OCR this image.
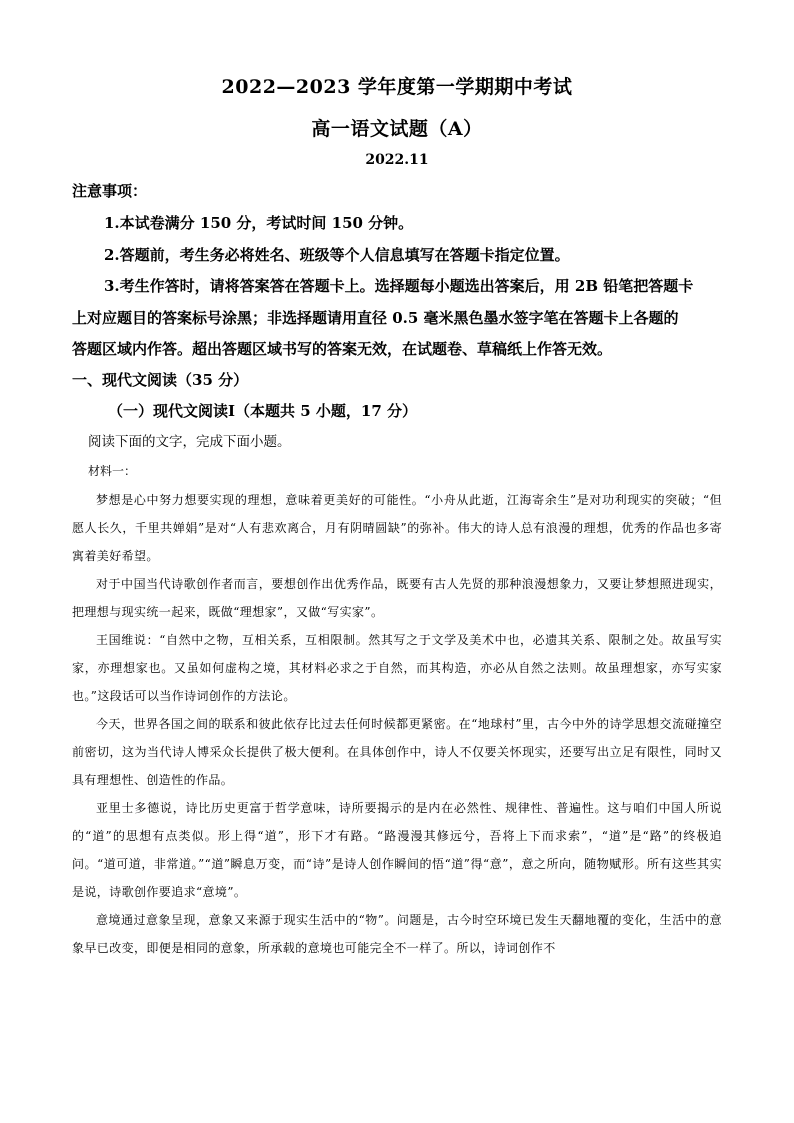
2022—2023 学年度第一学期期中考试
高一语文试题（A）
2022.11
注意事项：
1.本试卷满分 150 分，考试时间 150 分钟。
2.答题前，考生务必将姓名、班级等个人信息填写在答题卡指定位置。
3.考生作答时，请将答案答在答题卡上。选择题每小题选出答案后，用 2B 铅笔把答题卡
上对应题目的答案标号涂黑；非选择题请用直径 0.5 毫米黑色墨水签字笔在答题卡上各题的
答题区域内作答。超出答题区域书写的答案无效，在试题卷、草稿纸上作答无效。
一、现代文阅读（35 分）
（一）现代文阅读Ⅰ（本题共 5 小题，17 分）
阅读下面的文字，完成下面小题。
材料一：

梦想是心中努力想要实现的理想，意味着更美好的可能性。“小舟从此逝，江海寄余生”是对功利现实的突破；“但愿人长久，千里共婵娟”是对“人有悲欢离合，月有阴晴圆缺”的弥补。伟大的诗人总有浪漫的理想，优秀的作品也多寄寓着美好希望。

对于中国当代诗歌创作者而言，要想创作出优秀作品，既要有古人先贤的那种浪漫想象力，又要让梦想照进现实，把理想与现实统一起来，既做“理想家”，又做“写实家”。

王国维说：“自然中之物，互相关系，互相限制。然其写之于文学及美术中也，必遗其关系、限制之处。故虽写实家，亦理想家也。又虽如何虚构之境，其材料必求之于自然，而其构造，亦必从自然之法则。故虽理想家，亦写实家也。”这段话可以当作诗词创作的方法论。

今天，世界各国之间的联系和彼此依存比过去任何时候都更紧密。在“地球村”里，古今中外的诗学思想交流碰撞空前密切，这为当代诗人博采众长提供了极大便利。在具体创作中，诗人不仅要关怀现实，还要写出立足有限性，同时又具有理想性、创造性的作品。

亚里士多德说，诗比历史更富于哲学意味，诗所要揭示的是内在必然性、规律性、普遍性。这与咱们中国人所说的“道”的思想有点类似。形上得“道”，形下才有路。“路漫漫其修远兮，吾将上下而求索”，“道”是“路”的终极追问。“道可道，非常道。”“道”瞬息万变，而“诗”是诗人创作瞬间的悟“道”得“意”，意之所向，随物赋形。所有这些其实是说，诗歌创作要追求“意境”。

意境通过意象呈现，意象又来源于现实生活中的“物”。问题是，古今时空环境已发生天翻地覆的变化，生活中的意象早已改变，即便是相同的意象，所承载的意境也可能完全不一样了。所以，诗词创作不
